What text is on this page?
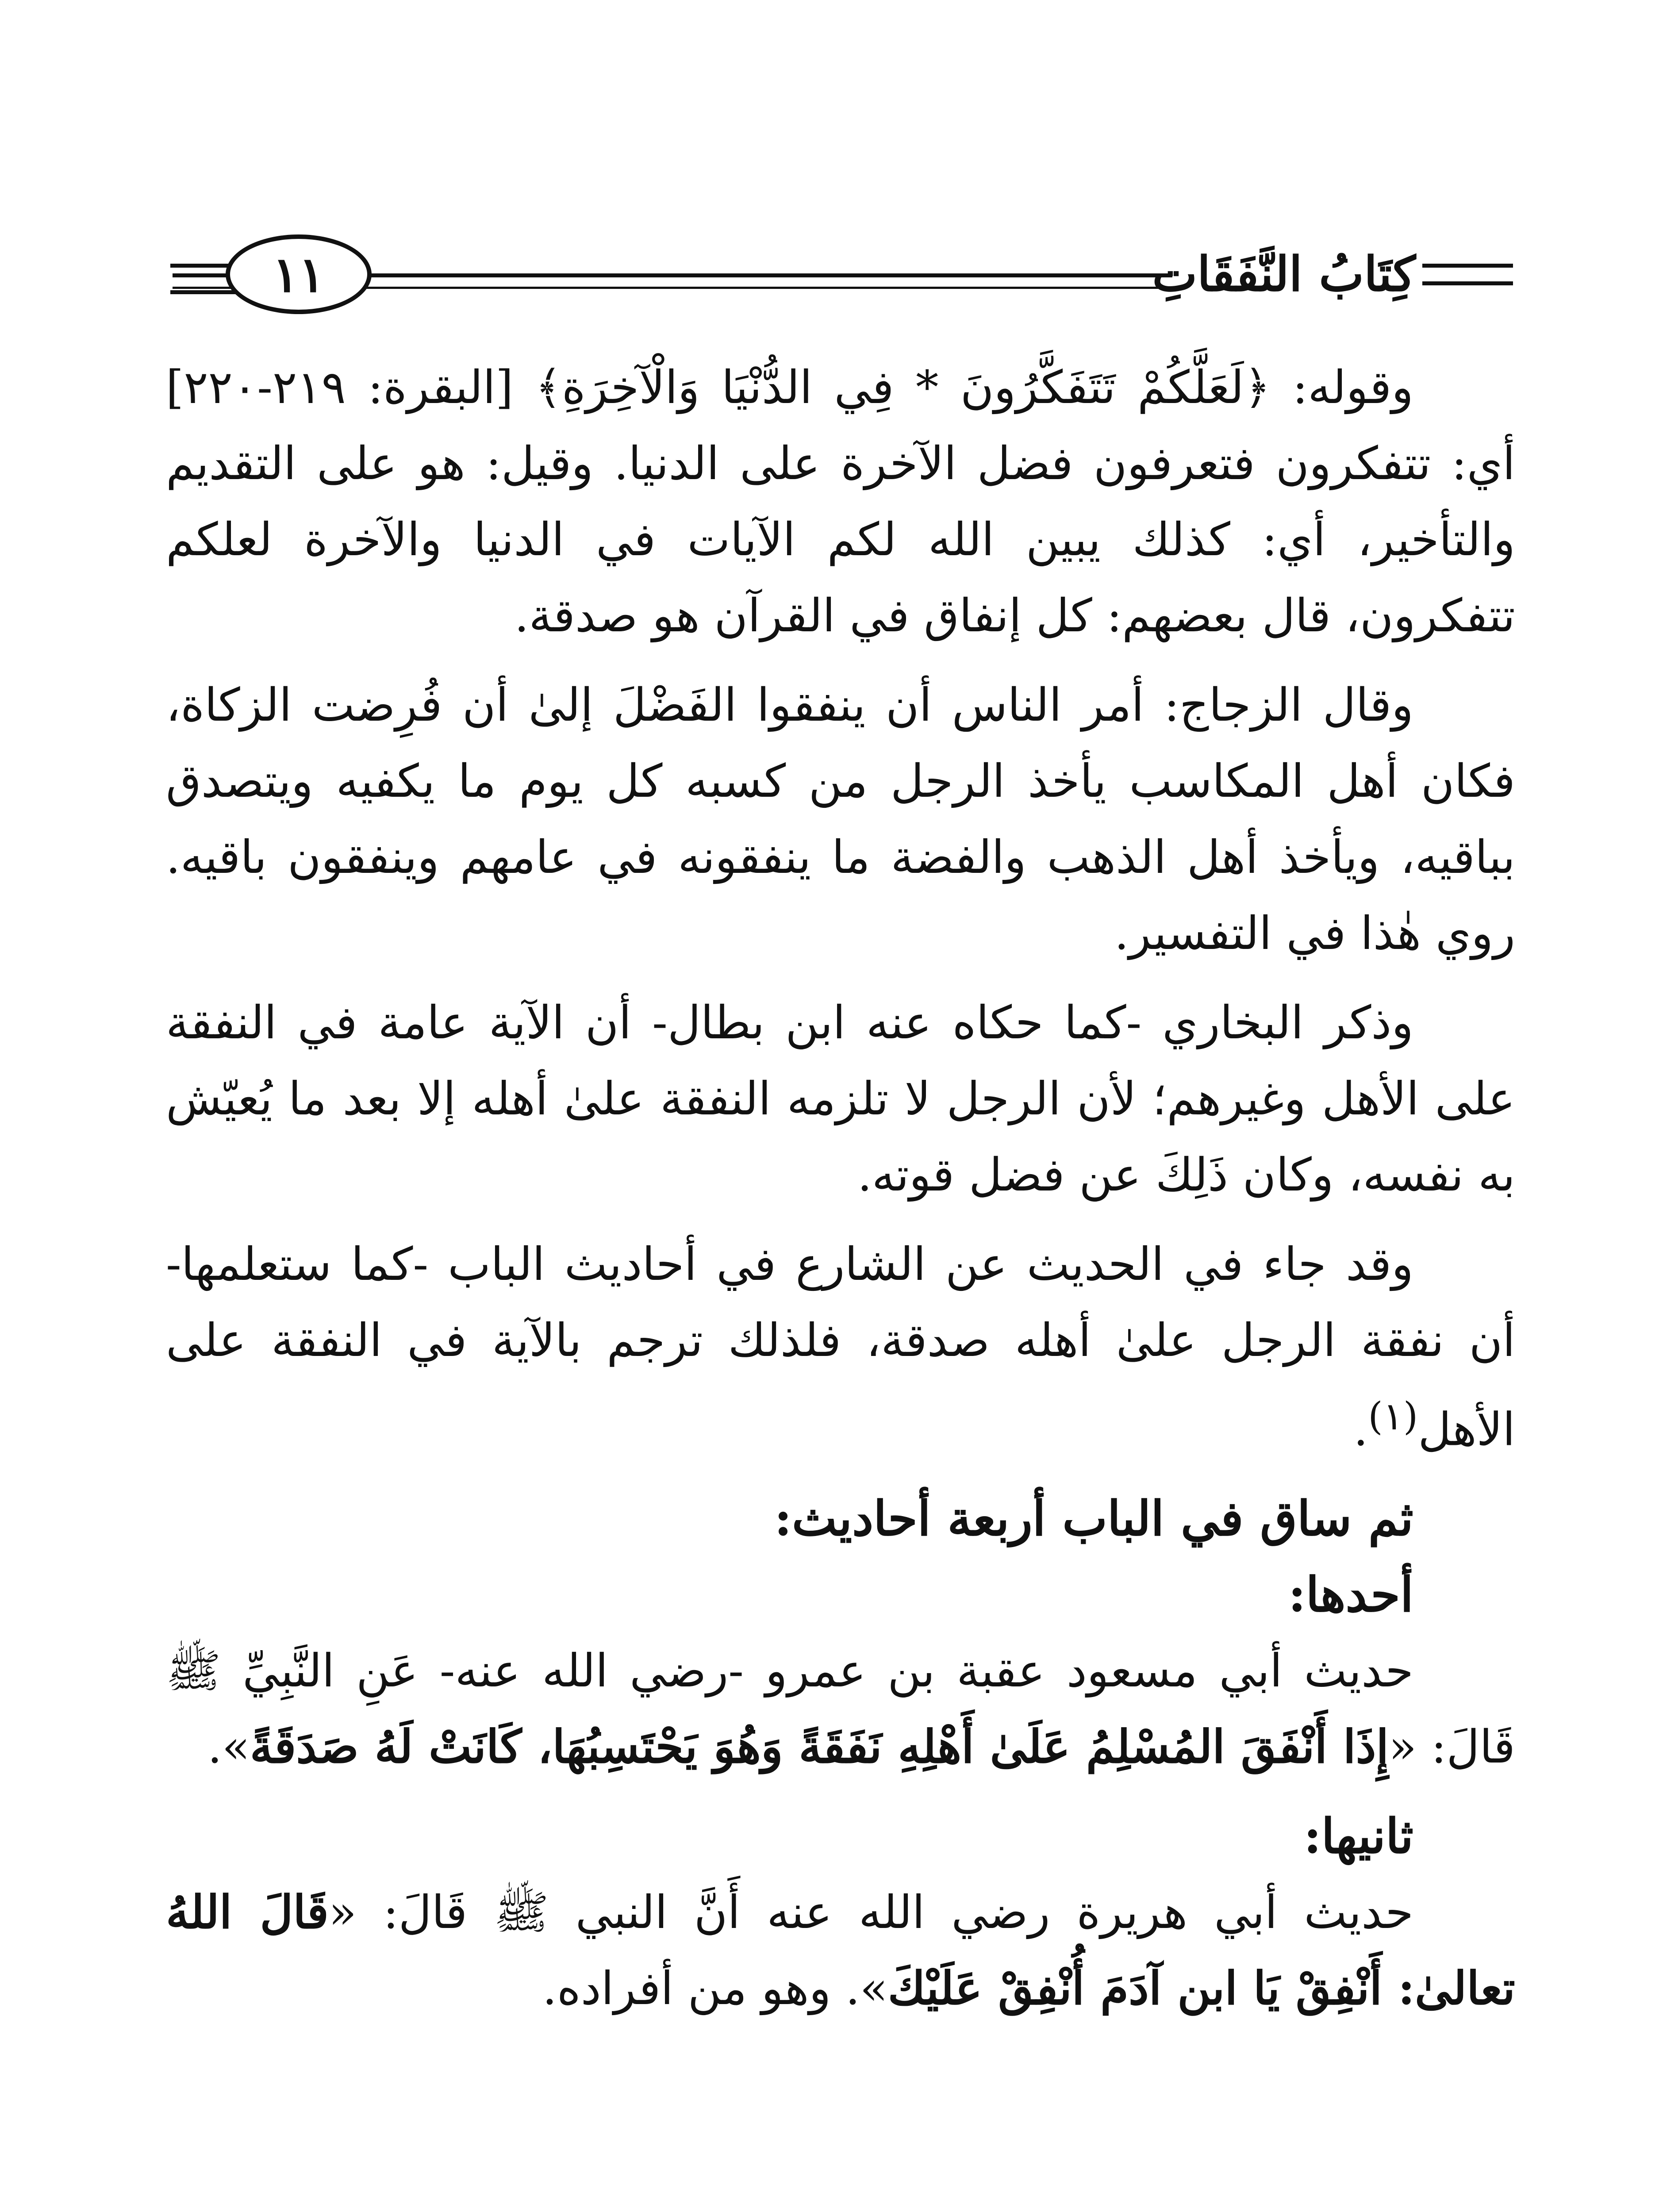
١١	كِتَابُ النَّفَقَاتِ

وقوله: ﴿لَعَلَّكُمْ تَتَفَكَّرُونَ * فِي الدُّنْيَا وَالْآخِرَةِ﴾ [البقرة: ٢١٩-٢٢٠] أي: تتفكرون فتعرفون فضل الآخرة على الدنيا. وقيل: هو على التقديم والتأخير، أي: كذلك يبين الله لكم الآيات في الدنيا والآخرة لعلكم تتفكرون، قال بعضهم: كل إنفاق في القرآن هو صدقة.

وقال الزجاج: أمر الناس أن ينفقوا الفَضْلَ إلىٰ أن فُرِضت الزكاة، فكان أهل المكاسب يأخذ الرجل من كسبه كل يوم ما يكفيه ويتصدق بباقيه، ويأخذ أهل الذهب والفضة ما ينفقونه في عامهم وينفقون باقيه. روي هٰذا في التفسير.

وذكر البخاري -كما حكاه عنه ابن بطال- أن الآية عامة في النفقة على الأهل وغيرهم؛ لأن الرجل لا تلزمه النفقة علىٰ أهله إلا بعد ما يُعيّش به نفسه، وكان ذَلِكَ عن فضل قوته.

وقد جاء في الحديث عن الشارع في أحاديث الباب -كما ستعلمها- أن نفقة الرجل علىٰ أهله صدقة، فلذلك ترجم بالآية في النفقة على الأهل$^{(١)}$.

ثم ساق في الباب أربعة أحاديث:

أحدها:

حديث أبي مسعود عقبة بن عمرو -رضي الله عنه- عَنِ النَّبِيِّ ﷺ قَالَ: «إِذَا أَنْفَقَ المُسْلِمُ عَلَىٰ أَهْلِهِ نَفَقَةً وَهُوَ يَحْتَسِبُهَا، كَانَتْ لَهُ صَدَقَةً».

ثانيها:

حديث أبي هريرة رضي الله عنه أَنَّ النبي ﷺ قَالَ: «قَالَ اللهُ تعالىٰ: أَنْفِقْ يَا ابن آدَمَ أُنْفِقْ عَلَيْكَ». وهو من أفراده.
